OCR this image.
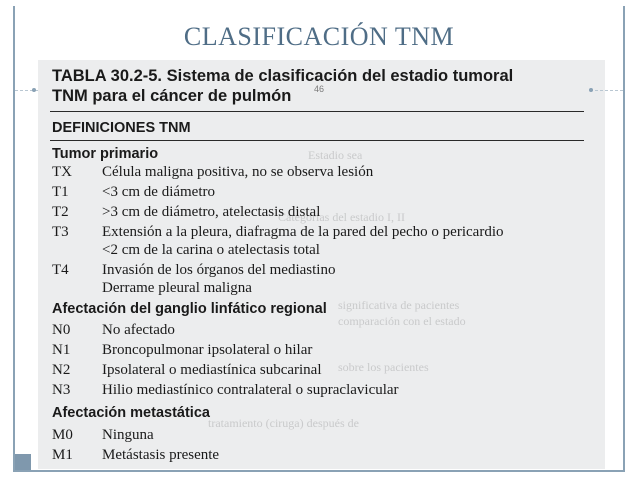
CLASIFICACIÓN TNM
Estadio sea
Categorías del estadio I, II
significativa de pacientes
comparación con el estado
sobre los pacientes
tratamiento (ciruga) después de
46
TABLA 30.2-5. Sistema de clasificación del estadio tumoral
TNM para el cáncer de pulmón
DEFINICIONES TNM
Tumor primario
TX Célula maligna positiva, no se observa lesión
T1 <3 cm de diámetro
T2 >3 cm de diámetro, atelectasis distal
T3 Extensión a la pleura, diafragma de la pared del pecho o pericardio
<2 cm de la carina o atelectasis total
T4 Invasión de los órganos del mediastino
Derrame pleural maligna
Afectación del ganglio linfático regional
N0 No afectado
N1 Broncopulmonar ipsolateral o hilar
N2 Ipsolateral o mediastínica subcarinal
N3 Hilio mediastínico contralateral o supraclavicular
Afectación metastática
M0 Ninguna
M1 Metástasis presente
